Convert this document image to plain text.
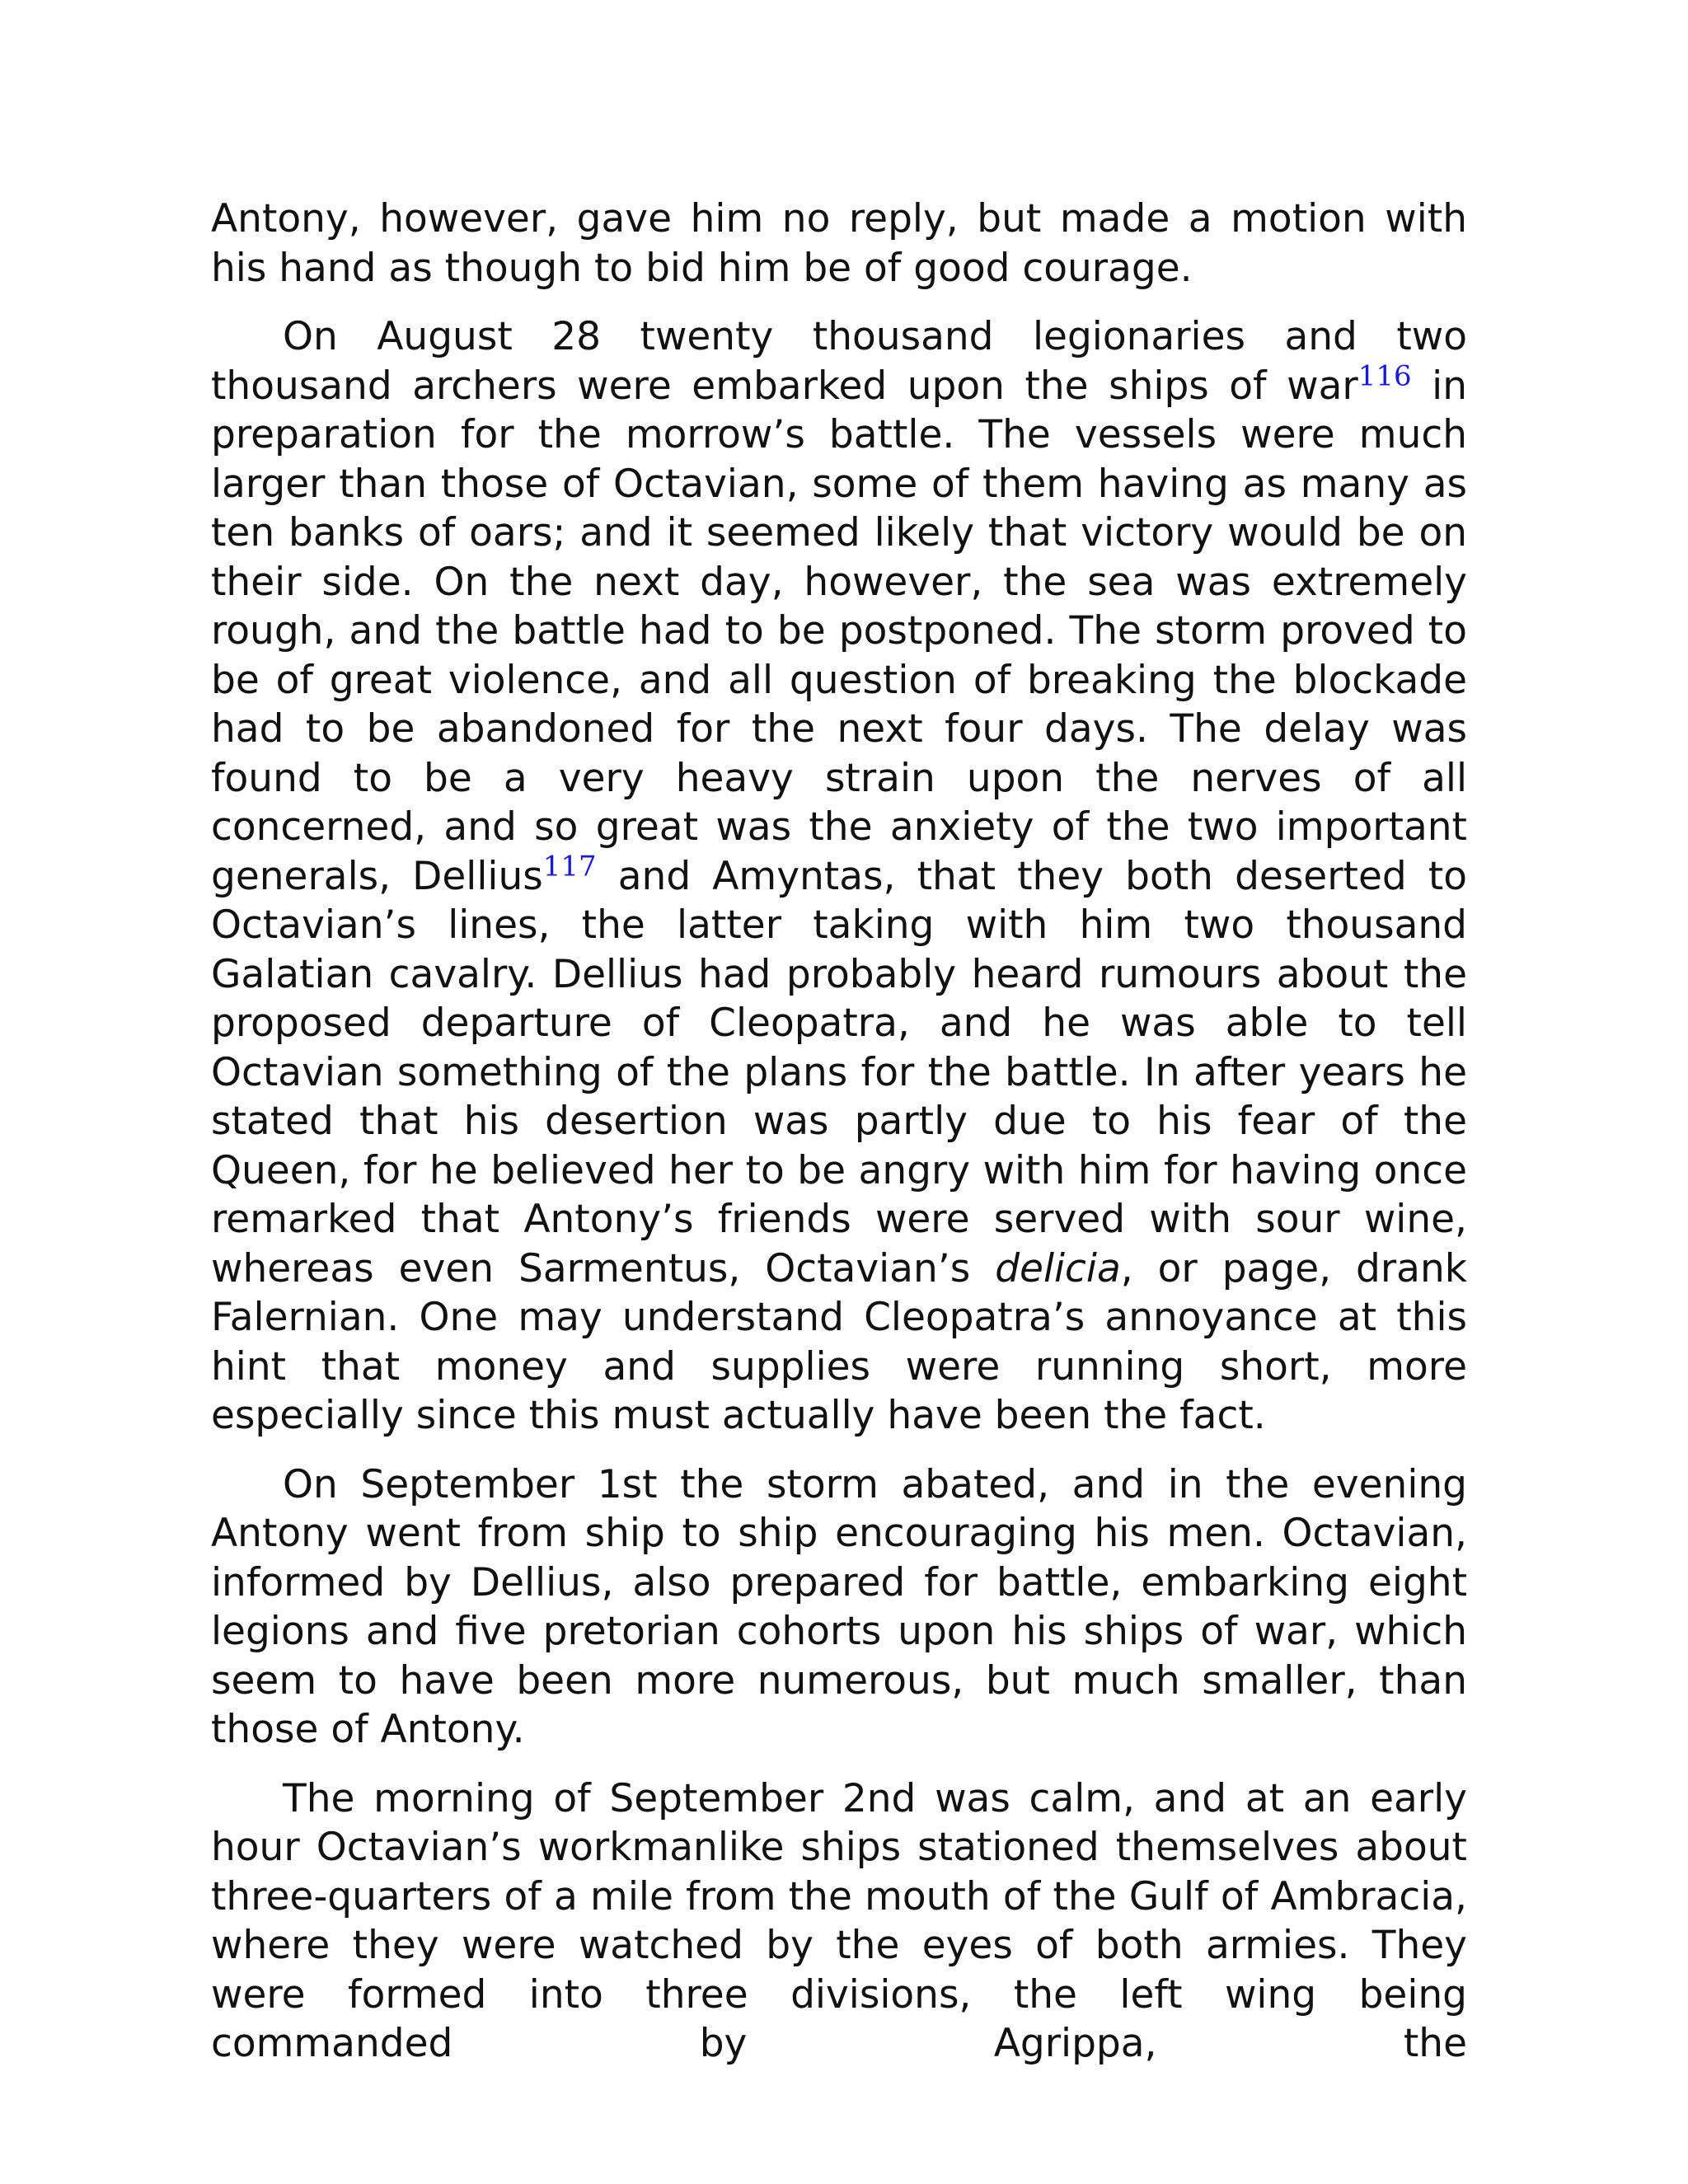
Antony, however, gave him no reply, but made a motion with his hand as though to bid him be of good courage.

On August 28 twenty thousand legionaries and two thousand archers were embarked upon the ships of war$^{116}$ in preparation for the morrow’s battle. The vessels were much larger than those of Octavian, some of them having as many as ten banks of oars; and it seemed likely that victory would be on their side. On the next day, however, the sea was extremely rough, and the battle had to be postponed. The storm proved to be of great violence, and all question of breaking the blockade had to be abandoned for the next four days. The delay was found to be a very heavy strain upon the nerves of all concerned, and so great was the anxiety of the two important generals, Dellius$^{117}$ and Amyntas, that they both deserted to Octavian’s lines, the latter taking with him two thousand Galatian cavalry. Dellius had probably heard rumours about the proposed departure of Cleopatra, and he was able to tell Octavian something of the plans for the battle. In after years he stated that his desertion was partly due to his fear of the Queen, for he believed her to be angry with him for having once remarked that Antony’s friends were served with sour wine, whereas even Sarmentus, Octavian’s delicia, or page, drank Falernian. One may understand Cleopatra’s annoyance at this hint that money and supplies were running short, more especially since this must actually have been the fact.

On September 1st the storm abated, and in the evening Antony went from ship to ship encouraging his men. Octavian, informed by Dellius, also prepared for battle, embarking eight legions and five pretorian cohorts upon his ships of war, which seem to have been more numerous, but much smaller, than those of Antony.

The morning of September 2nd was calm, and at an early hour Octavian’s workmanlike ships stationed themselves about three-quarters of a mile from the mouth of the Gulf of Ambracia, where they were watched by the eyes of both armies. They were formed into three divisions, the left wing being commanded by Agrippa, the
